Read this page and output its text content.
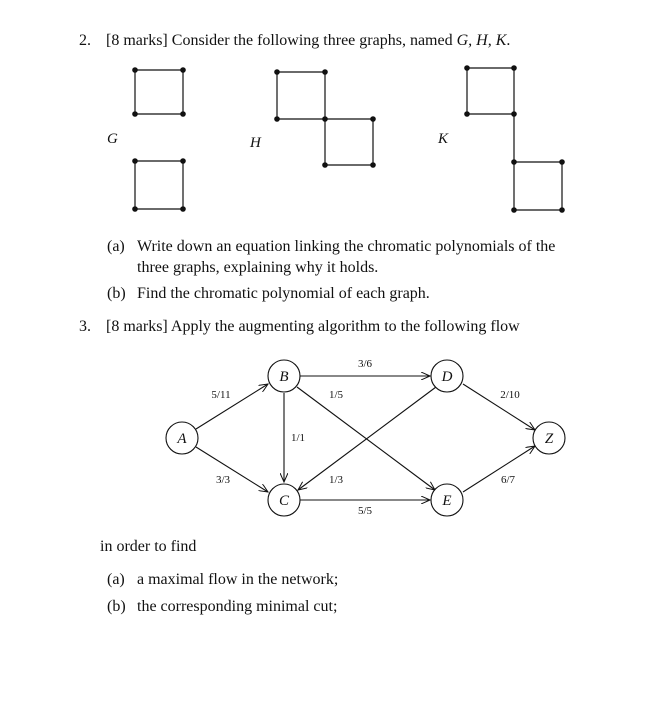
2. [8 marks] Consider the following three graphs, named G, H, K.
G	H	K
(a) Write down an equation linking the chromatic polynomials of the
three graphs, explaining why it holds.
(b) Find the chromatic polynomial of each graph.
3. [8 marks] Apply the augmenting algorithm to the following flow
A
B
C
D
E
Z
5/11
3/3
3/6
1/5
1/1
1/3
5/5
2/10
6/7
in order to find
(a) a maximal flow in the network;
(b) the corresponding minimal cut;
